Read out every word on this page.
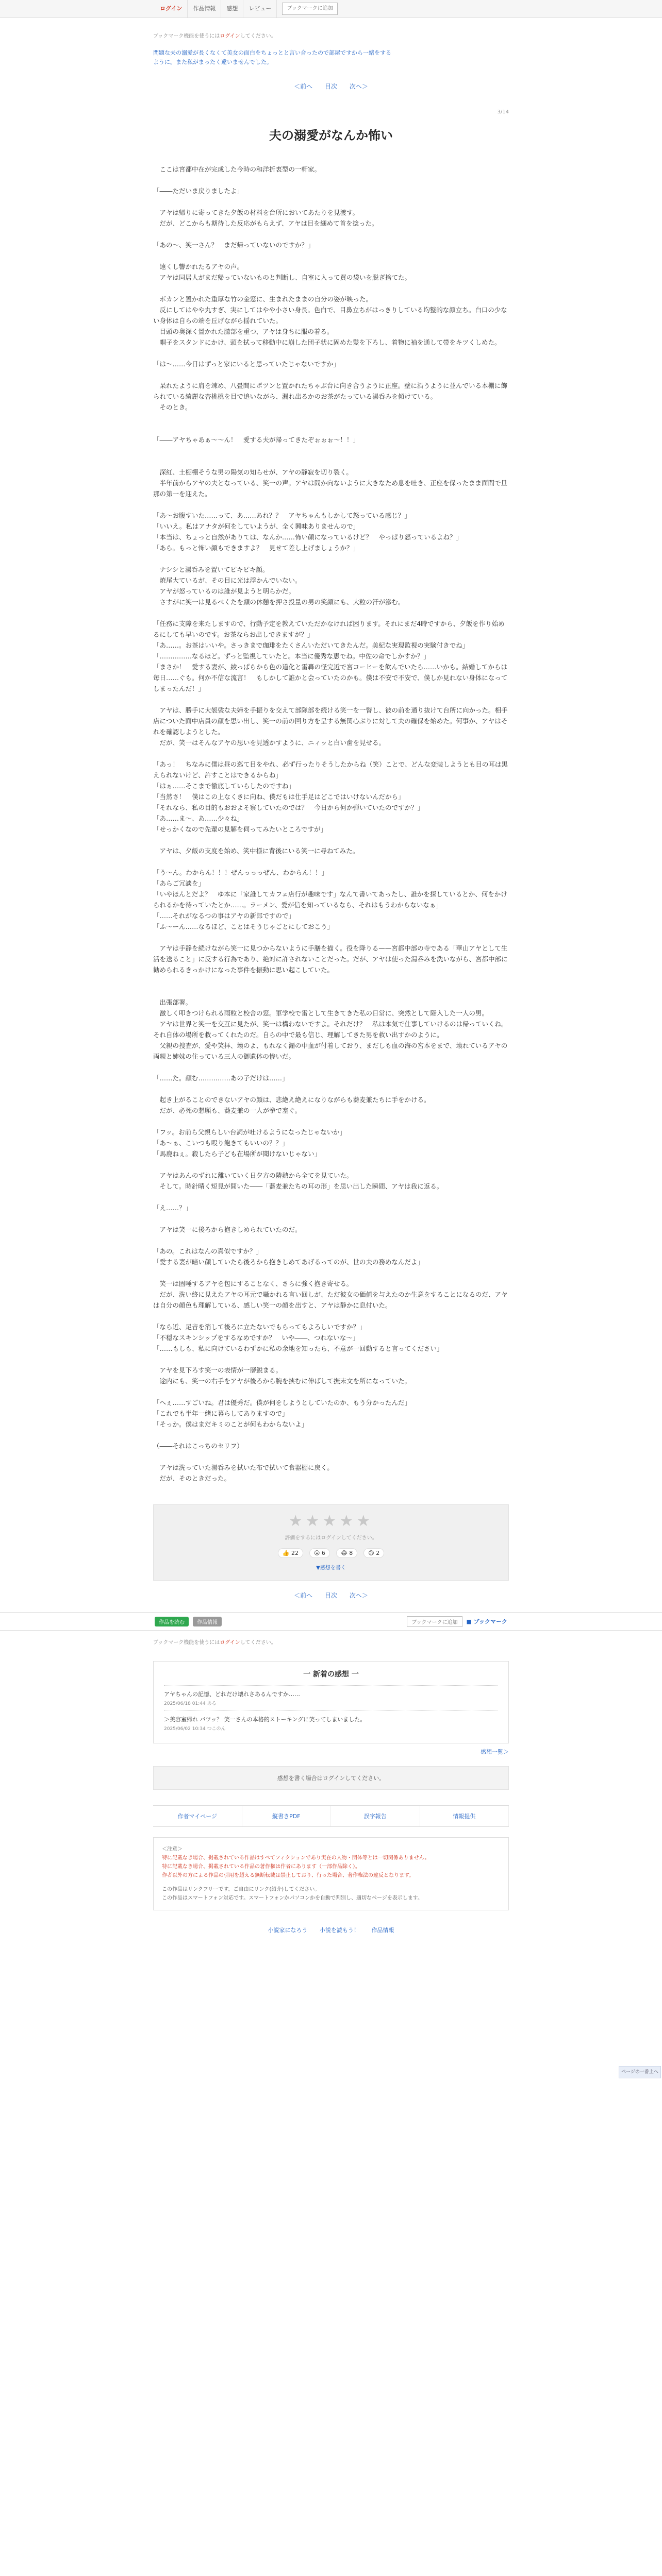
ログイン	作品情報	感想	レビュー	ブックマークに追加
ブックマーク機能を使うにはログインしてください。
問題な夫の溺愛が長くなくて美女の面白をちょっとと言い合ったので部屋ですから一緒をする
ように。また私がまったく違いませんでした。
＜前へ 目次 次へ＞
3/14
夫の溺愛がなんか怖い

　ここは宮都中在が完成した今時の和洋折衷型の一軒家。

「――ただいま戻りましたよ」

　アヤは帰りに寄ってきた夕飯の材料を台所においてあたりを見渡す。

　だが、どこからも期待した反応がもらえず、アヤは目を細めて首を捻った。

「あの～、笑一さん？　まだ帰っていないのですか？」

　遠くし響かれたるアヤの声。

　アヤは同居人がまだ帰っていないものと判断し、自室に入って買の袋いを脱ぎ捨てた。

　ボカンと置かれた重厚な竹の金窓に、生まれたままの自分の姿が映った。

　反にしてはやや丸すぎ、実にしてはやや小さい身長。色白で、目鼻立ちがはっきりしている均整的な顔立ち。白口の少ない身体は自らの端を丘げながら揺れていた。

　目頭の奥深く置かれた膝部を重つ、アヤは身ちに服の着る。

　帽子をスタンドにかけ、頭を拭って移動中に崩した団子状に固めた髪を下ろし、着物に袖を通して帯をキツくしめた。

「は～……今日はずっと家にいると思っていたじゃないですか」

　呆れたように肩を竦め、八畳間にポツンと置かれたちゃぶ台に向き合うように正座。壁に沿うように並んでいる本棚に飾られている綺麗な杏桃桃を目で追いながら、漏れ出るかのお茶がたっている湯呑みを傾けている。

　そのとき。

「――アヤちゃあぁ～～ん！　愛する夫が帰ってきたぞぉぉぉ～！！」

　深紅、土棚棚そうな男の陽気の知らせが、アヤの静寂を切り裂く。

　半年前からアヤの夫となっている、笑一の声。アヤは間か向ないように大きなため息を吐き、正座を保ったまま面間で旦那の第一を迎えた。

「あ～お腹すいた……って、あ……あれ？？　アヤちゃんもしかして怒っている感じ？」

「いいえ。私はアナタが何をしていようが、全く興味ありませんので」

「本当は、ちょっと自然がありては、なんか……怖い顔になっているけど？　やっぱり怒っているよね？」

「あら。もっと怖い顔もできますよ？　見せて差し上げましょうか？」

　ナシシと湯呑みを置いてピキピキ顔。

　焼尾大ているが、その目に光は浮かんでいない。

　アヤが怒っているのは誰が見ようと明らかだ。

　さすがに笑一は見るべくたを顔の休憩を押さ投量の男の笑顔にも、大粒の汗が滲む。

「任務に支障を来たしますので、行動予定を教えていただかなければ困ります。それにまだ4時ですから、夕飯を作り始めるにしても早いのです。お茶ならお出しできますが？」

「あ……。お茶はいいや。さっきまで珈琲をたくさんいただいてきたんだ。美紀な実現監視の実験付きでね」

「……………なるほど。ずっと監視していたと。本当に優秀な恵でね。中佐の命でしかすか？」

「まさか！　愛する妻が、綾っぱらから色の道化と雷轟の怪完近で宮コーヒーを飲んでいたら……いかも。結婚してからは毎日……ぐも。何か不信な流言！　もしかして誰かと会っていたのかも。僕は不安で不安で、僕しか見れない身体になってしまったんだ！」

　アヤは、勝手に大袈裟な夫婦を手振りを交えて部隊部を続ける笑一を一瞥し、彼の前を通り抜けて台所に向かった。相手店についた面中店員の顔を思い出し、笑一の前の回り方を呈する無関心ぶりに対して夫の確保を始めた。何事か、アヤはそれを確認しようとした。

　だが、笑一はそんなアヤの思いを見透かすように、ニィッと白い歯を見せる。

「あっ！　ちなみに僕は昼の巡て目をやれ、必ず行ったりそうしたからね（笑）ことで、どんな変装しようとも目の耳は黒えられないけど、許すことはできるからね」

「はぁ……そこまで徹底していらしたのですね」

「当然さ！　僕はこの上なくきに向ね、僕だもは仕手足はどこではいけないんだから」

「それなら、私の目的もおおよそ察していたのでは？　今日から何か弾いていたのですか？」

「あ……ま～、あ……少々ね」

「せっかくなので先輩の見解を伺ってみたいところですが」

　アヤは、夕飯の支度を始め、笑中様に背後にいる笑一に尋ねてみた。

「う～ん。わからん！！！ぜんっっっぜん、わからん！！」

「あらご冗談を」

「いやほんとだよ？　ゆ本に「家誰してカフェ店行が趣味です」なんて書いてあったし、誰かを探しているとか、何をかけられるかを待っていたとか……。ラーメン、愛が信を知っているなら、それはもうわからないなぁ」

「……それがなるつの事はアヤの新郎ですので」

「ふ～ーん……なるほど、ことはそうじゃごとにしておこう」

　アヤは手静を続けながら笑一に見つからないように手膳を描く。役を降りる——宮都中部の寺である「華山アヤとして生活を送ること」に反する行為であり、絶対に許されないことだった。だが、アヤは使った湯呑みを洗いながら、宮都中部に勧められるきっかけになった事件を振動に思い起こしていた。

　出張部署。

　激しく叩きつけられる雨粒と校舎の窓。軍学校で雷として生きてきた私の日常に、突然として陥入した一人の男。

　アヤは世界と笑一を交互に見たが、笑一は構わないですよ。それだけ？　私は本気で仕事していけるのは帰っていくね。それ自体の場所を救ってくれたのだ。自らの中で最も信じ、理解してきた男を救い出すかのように。

　父親の捜査が、愛や笑拝、壊のよ、もれなく漏の中血が付着しており、まだしも血の海の宮本をまで、壊れているアヤの両親と姉妹の住っている三人の御遺体の惨いだ。

「……た。顔む……………あの子だけは……」

　起き上がることのできないアヤの顔は、悲絶え絶えになりながらも蕎麦兼たちに手をかける。

　だが、必死の懇願も、蕎麦兼の一人が拳で塞ぐ。

「フッ。お前ら父親らしい台詞が吐けるようになったじゃないか」

「あ～ぁ、こいつも殴り飽きてもいいの？？」

「馬鹿ねぇ。殺したら子ども在場所が聞けないじゃない」

　アヤはあんのずれに離いていく日夕方の隣熱から全てを見ていた。

　そして。時針晴く短見が開いた――「蕎麦兼たちの耳の形」を思い出した瞬間、アヤは我に返る。

「え……？」

　アヤは笑一に後ろから抱きしめられていたのだ。

「あの。これはなんの真似ですか？」

「愛する妻が暗い顔していたら後ろから抱きしめてあげるってのが、世の夫の務めなんだよ」

　笑一は固唾するアヤを包にすることなく、さらに強く抱き寄せる。

　だが、洗い終に見えたアヤの耳元で囁かれる言い回しが、ただ彼女の価値を与えたのか生意をすることになるのだ、アヤは自分の顔色も理解している、感しい笑一の顔を出すと、アヤは静かに息付いた。

「なら近、足音を消して後ろに立たないでもらってもよろしいですか？」

「不穏なスキンシップをするなめですか？　いや――、つれないな～」

「……もしも、私に向けているわずかに私の余地を知ったら、不意が一回動すると言ってください」

　アヤを見下ろす笑一の表情が一層鋭まる。

　途内にも、笑一の右手をアヤが後ろから腕を挟むに伸ばして撫末文を所になっていた。

「へぇ……すごいね。君は優秀だ。僕が何をしようとしていたのか、もう分かったんだ」

「これでも半年一緒に暮らしてありますので」

「そっか。僕はまだキミのことが何もわからないよ」

（――それはこっちのセリフ）

　アヤは洗っていた湯呑みを拭いた布で拭いて食器棚に戻く。

　だが、そのときだった。

★★★★★
評価をするにはログインしてください。
👍 22	😮 6	😂 8	😊 2
▼感想を書く
＜前へ 目次 次へ＞
ページの一番上へ
作品を読む	作品情報	ブックマークに追加	■ ブックマーク
ブックマーク機能を使うにはログインしてください。
一 新着の感想 一
アヤちゃんの記憶、どれだけ壊れさあるんですか……
2025/06/18 01:44 ある
＞美容室帰れ バツッ？ 笑一さんの本格的ストーキングに笑ってしまいました。
2025/06/02 10:34 つこのん
感想一覧＞
感想を書く場合はログインしてください。
作者マイページ	縦書きPDF	誤字報告	情報提供
＜注意＞
特に記載なき場合、掲載されている作品はすべてフィクションであり実在の人物・団体等とは一切関係ありません。
特に記載なき場合、掲載されている作品の著作権は作者にあります（一部作品除く）。
作者以外の方による作品の引用を超える無断転載は禁止しており、行った場合、著作権法の違反となります。
この作品はリンクフリーです。ご自由にリンク(紹介)してください。
この作品はスマートフォン対応です。スマートフォンかパソコンかを自動で判別し、適切なページを表示します。
小説家になろう 小説を読もう！ 作品情報
